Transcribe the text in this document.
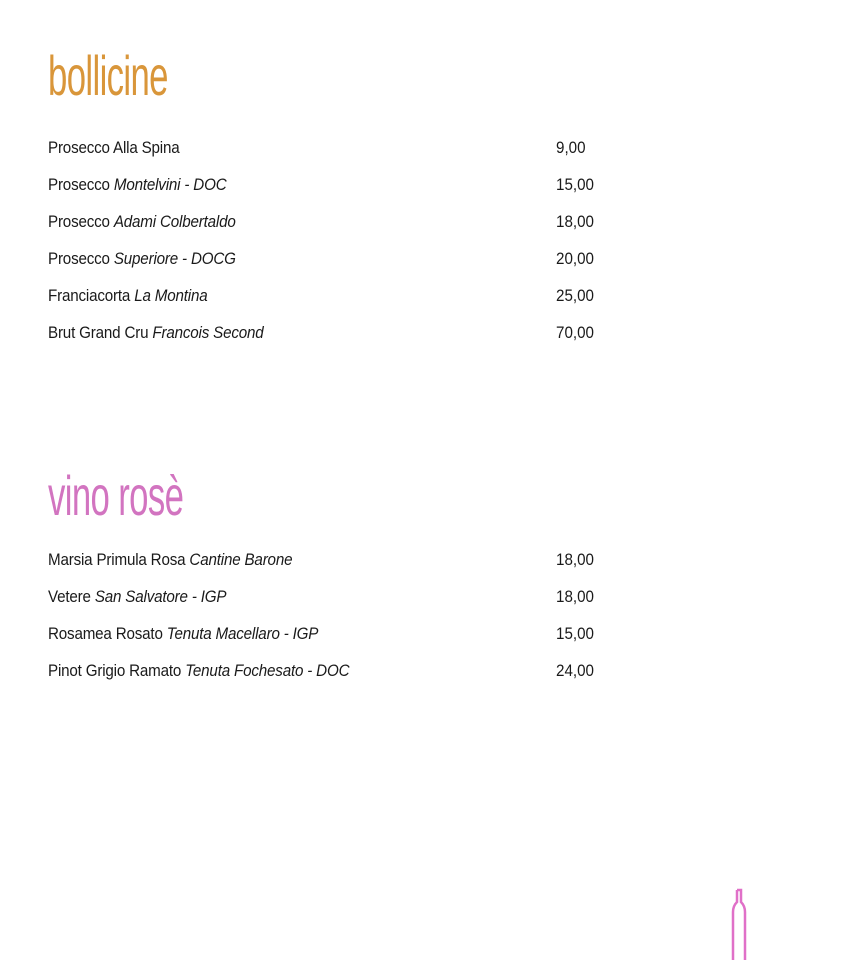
bollicine
Prosecco Alla Spina	9,00
Prosecco Montelvini - DOC	15,00
Prosecco Adami Colbertaldo	18,00
Prosecco Superiore - DOCG	20,00
Franciacorta La Montina	25,00
Brut Grand Cru Francois Second	70,00
vino rosè
Marsia Primula Rosa Cantine Barone	18,00
Vetere San Salvatore - IGP	18,00
Rosamea Rosato Tenuta Macellaro - IGP	15,00
Pinot Grigio Ramato Tenuta Fochesato - DOC	24,00
